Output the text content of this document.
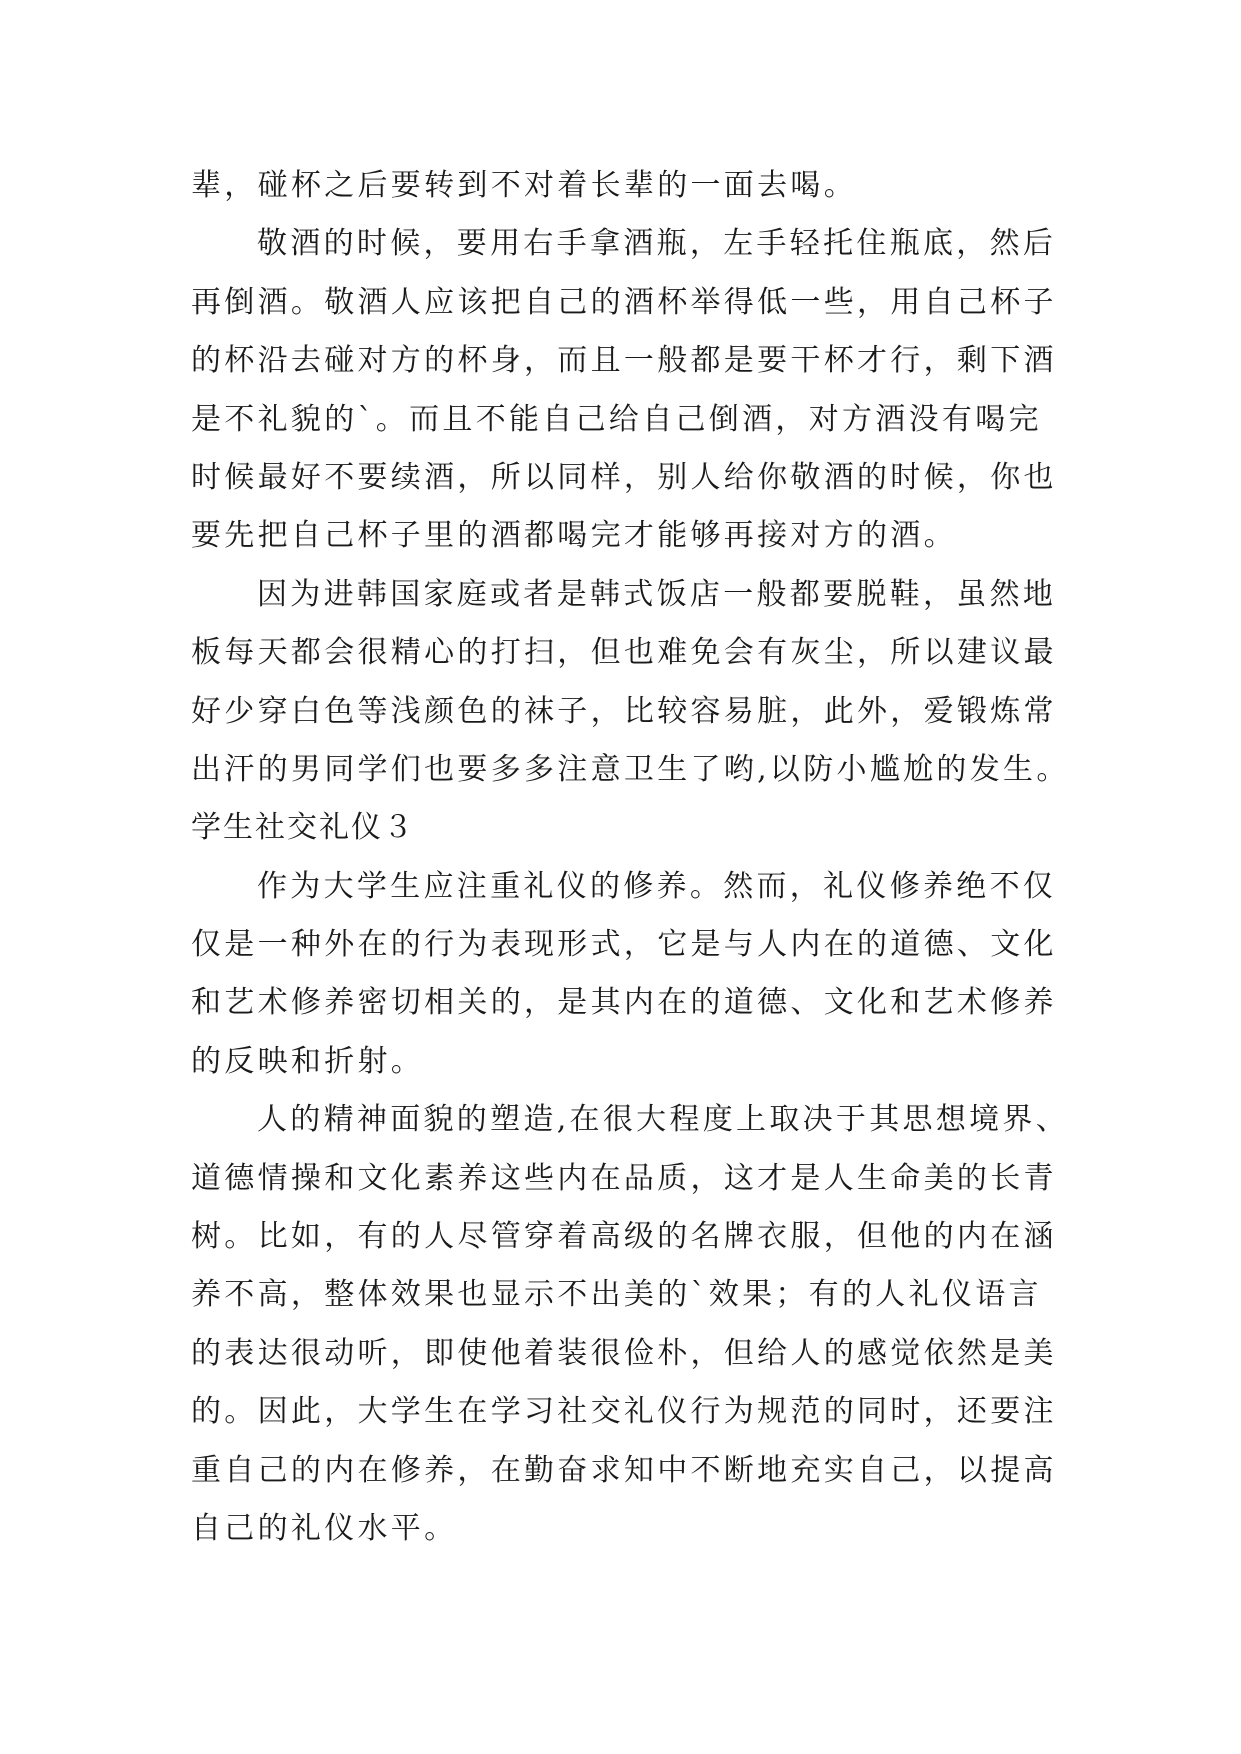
辈，碰杯之后要转到不对着长辈的一面去喝。
敬酒的时候，要用右手拿酒瓶，左手轻托住瓶底，然后
再倒酒。敬酒人应该把自己的酒杯举得低一些，用自己杯子
的杯沿去碰对方的杯身，而且一般都是要干杯才行，剩下酒
是不礼貌的`。而且不能自己给自己倒酒，对方酒没有喝完
时候最好不要续酒，所以同样，别人给你敬酒的时候，你也
要先把自己杯子里的酒都喝完才能够再接对方的酒。
因为进韩国家庭或者是韩式饭店一般都要脱鞋，虽然地
板每天都会很精心的打扫，但也难免会有灰尘，所以建议最
好少穿白色等浅颜色的袜子，比较容易脏，此外，爱锻炼常
出汗的男同学们也要多多注意卫生了哟,以防小尴尬的发生。
学生社交礼仪３
作为大学生应注重礼仪的修养。然而，礼仪修养绝不仅
仅是一种外在的行为表现形式，它是与人内在的道德、文化
和艺术修养密切相关的，是其内在的道德、文化和艺术修养
的反映和折射。
人的精神面貌的塑造,在很大程度上取决于其思想境界、
道德情操和文化素养这些内在品质，这才是人生命美的长青
树。比如，有的人尽管穿着高级的名牌衣服，但他的内在涵
养不高，整体效果也显示不出美的`效果；有的人礼仪语言
的表达很动听，即使他着装很俭朴，但给人的感觉依然是美
的。因此，大学生在学习社交礼仪行为规范的同时，还要注
重自己的内在修养，在勤奋求知中不断地充实自己，以提高
自己的礼仪水平。
